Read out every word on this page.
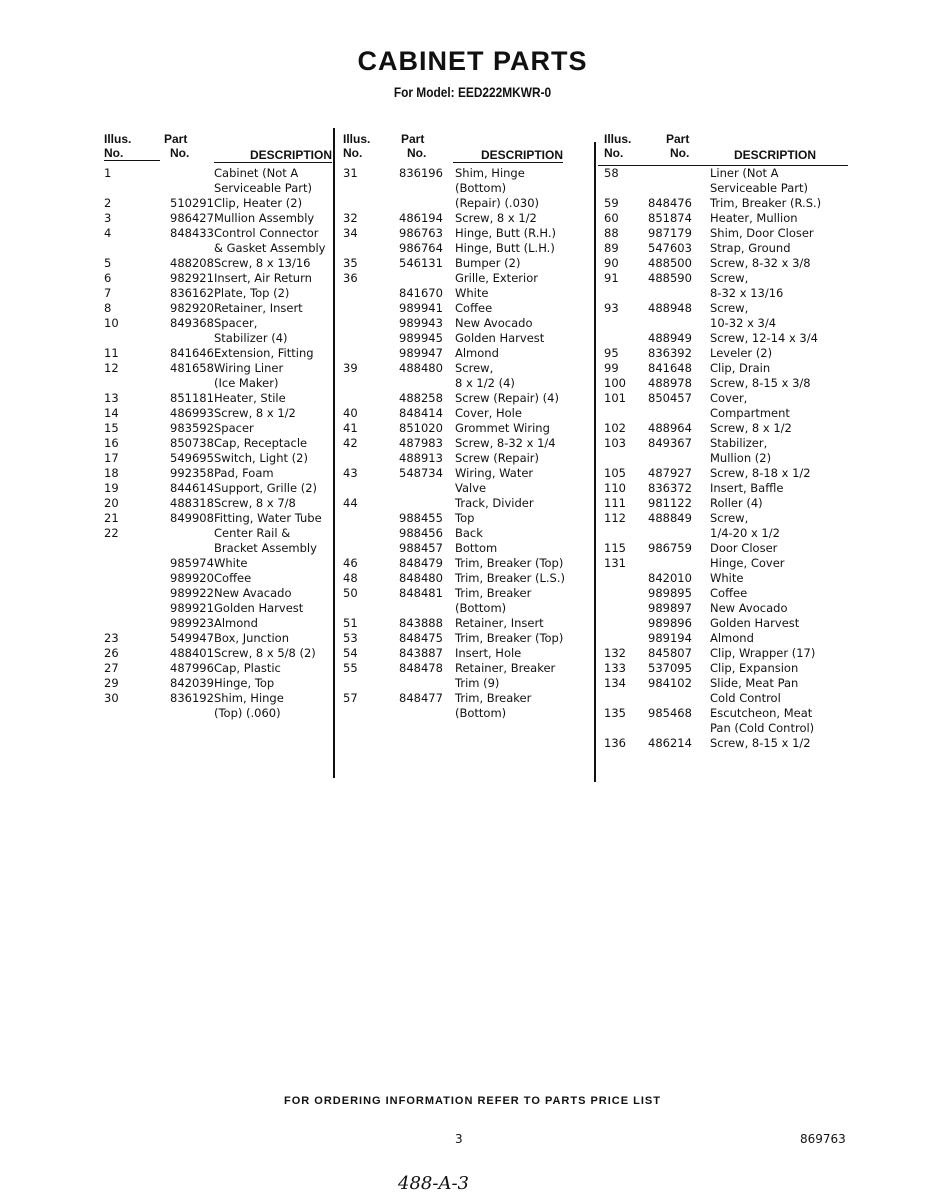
CABINET PARTS
For Model: EED222MKWR-0
Illus.
No.
Part
No.	DESCRIPTION
1	Cabinet (Not A
Serviceable Part)
2	510291 Clip, Heater (2)
3	986427 Mullion Assembly
4	848433 Control Connector
& Gasket Assembly
5	488208 Screw, 8 x 13/16
6	982921 Insert, Air Return
7	836162 Plate, Top (2)
8	982920 Retainer, Insert
10	849368 Spacer,
Stabilizer (4)
11	841646 Extension, Fitting
12	481658 Wiring Liner
(Ice Maker)
13	851181 Heater, Stile
14	486993 Screw, 8 x 1/2
15	983592 Spacer
16	850738 Cap, Receptacle
17	549695 Switch, Light (2)
18	992358 Pad, Foam
19	844614 Support, Grille (2)
20	488318 Screw, 8 x 7/8
21	849908 Fitting, Water Tube
22	Center Rail &
Bracket Assembly
985974 White
989920 Coffee
989922 New Avacado
989921 Golden Harvest
989923 Almond
23	549947 Box, Junction
26	488401 Screw, 8 x 5/8 (2)
27	487996 Cap, Plastic
29	842039 Hinge, Top
30	836192 Shim, Hinge
(Top) (.060)
Illus.
No.
Part
No.	DESCRIPTION
31	836196 Shim, Hinge
(Bottom)
(Repair) (.030)
32	486194 Screw, 8 x 1/2
34	986763 Hinge, Butt (R.H.)
986764 Hinge, Butt (L.H.)
35	546131 Bumper (2)
36	Grille, Exterior
841670 White
989941 Coffee
989943 New Avocado
989945 Golden Harvest
989947 Almond
39	488480 Screw,
8 x 1/2 (4)
488258 Screw (Repair) (4)
40	848414 Cover, Hole
41	851020 Grommet Wiring
42	487983 Screw, 8-32 x 1/4
488913 Screw (Repair)
43	548734 Wiring, Water
Valve
44	Track, Divider
988455 Top
988456 Back
988457 Bottom
46	848479 Trim, Breaker (Top)
48	848480 Trim, Breaker (L.S.)
50	848481 Trim, Breaker
(Bottom)
51	843888 Retainer, Insert
53	848475 Trim, Breaker (Top)
54	843887 Insert, Hole
55	848478 Retainer, Breaker
Trim (9)
57	848477 Trim, Breaker
(Bottom)
Illus.
No.
Part
No.	DESCRIPTION
58	Liner (Not A
Serviceable Part)
59	848476 Trim, Breaker (R.S.)
60	851874 Heater, Mullion
88	987179 Shim, Door Closer
89	547603 Strap, Ground
90	488500 Screw, 8-32 x 3/8
91	488590 Screw,
8-32 x 13/16
93	488948 Screw,
10-32 x 3/4
488949 Screw, 12-14 x 3/4
95	836392 Leveler (2)
99	841648 Clip, Drain
100 488978 Screw, 8-15 x 3/8
101 850457 Cover,
Compartment
102 488964 Screw, 8 x 1/2
103 849367 Stabilizer,
Mullion (2)
105 487927 Screw, 8-18 x 1/2
110 836372 Insert, Baffle
111 981122 Roller (4)
112 488849 Screw,
1/4-20 x 1/2
115 986759 Door Closer
131	Hinge, Cover
842010 White
989895 Coffee
989897 New Avocado
989896 Golden Harvest
989194 Almond
132 845807 Clip, Wrapper (17)
133 537095 Clip, Expansion
134 984102 Slide, Meat Pan
Cold Control
135 985468 Escutcheon, Meat
Pan (Cold Control)
136 486214 Screw, 8-15 x 1/2
FOR ORDERING INFORMATION REFER TO PARTS PRICE LIST
3	869763
488-A-3
